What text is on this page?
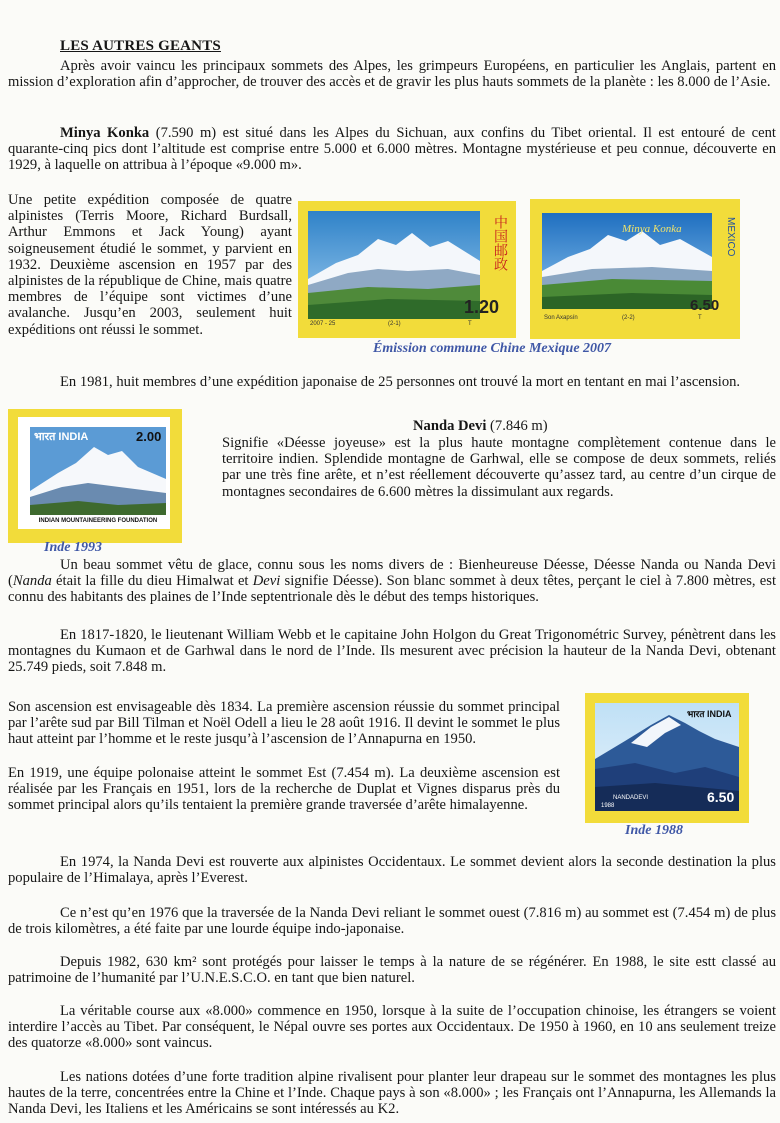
LES AUTRES GEANTS

Après avoir vaincu les principaux sommets des Alpes, les grimpeurs Européens, en particulier les Anglais, partent en mission d’exploration afin d’approcher, de trouver des accès et de gravir les plus hauts sommets de la planète : les 8.000 de l’Asie.

Minya Konka (7.590 m) est situé dans les Alpes du Sichuan, aux confins du Tibet oriental. Il est entouré de cent quarante-cinq pics dont l’altitude est comprise entre 5.000 et 6.000 mètres. Montagne mystérieuse et peu connue, découverte en 1929, à laquelle on attribua à l’époque «9.000 m».

Une petite expédition composée de quatre alpinistes (Terris Moore, Richard Burdsall, Arthur Emmons et Jack Young) ayant soigneusement étudié le sommet, y parvient en 1932. Deuxième ascension en 1957 par des alpinistes de la république de Chine, mais quatre membres de l’équipe sont victimes d’une avalanche. Jusqu’en 2003, seulement huit expéditions ont réussi le sommet.

中国邮政
1.20
2007 - 25	(2-1)	T
Minya Konka	MEXICO
6.50
Son Axapsín	(2-2)	T
Émission commune Chine Mexique 2007

En 1981, huit membres d’une expédition japonaise de 25 personnes ont trouvé la mort en tentant en mai l’ascension.

भारत INDIA	2.00
INDIAN MOUNTAINEERING FOUNDATION
Inde 1993
Nanda Devi (7.846 m)

Signifie «Déesse joyeuse» est la plus haute montagne complètement contenue dans le territoire indien. Splendide montagne de Garhwal, elle se compose de deux sommets, reliés par une très fine arête, et n’est réellement découverte qu’assez tard, au centre d’un cirque de montagnes secondaires de 6.600 mètres la dissimulant aux regards.

Un beau sommet vêtu de glace, connu sous les noms divers de : Bienheureuse Déesse, Déesse Nanda ou Nanda Devi (Nanda était la fille du dieu Himalwat et Devi signifie Déesse). Son blanc sommet à deux têtes, perçant le ciel à 7.800 mètres, est connu des habitants des plaines de l’Inde septentrionale dès le début des temps historiques.

En 1817-1820, le lieutenant William Webb et le capitaine John Holgon du Great Trigonométric Survey, pénètrent dans les montagnes du Kumaon et de Garhwal dans le nord de l’Inde. Ils mesurent avec précision la hauteur de la Nanda Devi, obtenant 25.749 pieds, soit 7.848 m.

Son ascension est envisageable dès 1834. La première ascension réussie du sommet principal par l’arête sud par Bill Tilman et Noël Odell a lieu le 28 août 1916. Il devint le sommet le plus haut atteint par l’homme et le reste jusqu’à l’ascension de l’Annapurna en 1950.

En 1919, une équipe polonaise atteint le sommet Est (7.454 m). La deuxième ascension est réalisée par les Français en 1951, lors de la recherche de Duplat et Vignes disparus près du sommet principal alors qu’ils tentaient la première grande traversée d’arête himalayenne.

भारत INDIA
NANDADEVI
1988
6.50
Inde 1988

En 1974, la Nanda Devi est rouverte aux alpinistes Occidentaux. Le sommet devient alors la seconde destination la plus populaire de l’Himalaya, après l’Everest.

Ce n’est qu’en 1976 que la traversée de la Nanda Devi reliant le sommet ouest (7.816 m) au sommet est (7.454 m) de plus de trois kilomètres, a été faite par une lourde équipe indo-japonaise.

Depuis 1982, 630 km² sont protégés pour laisser le temps à la nature de se régénérer. En 1988, le site estt classé au patrimoine de l’humanité par l’U.N.E.S.C.O. en tant que bien naturel.

La véritable course aux «8.000» commence en 1950, lorsque à la suite de l’occupation chinoise, les étrangers se voient interdire l’accès au Tibet. Par conséquent, le Népal ouvre ses portes aux Occidentaux. De 1950 à 1960, en 10 ans seulement treize des quatorze «8.000» sont vaincus.

Les nations dotées d’une forte tradition alpine rivalisent pour planter leur drapeau sur le sommet des montagnes les plus hautes de la terre, concentrées entre la Chine et l’Inde. Chaque pays à son «8.000» ; les Français ont l’Annapurna, les Allemands la Nanda Devi, les Italiens et les Américains se sont intéressés au K2.
